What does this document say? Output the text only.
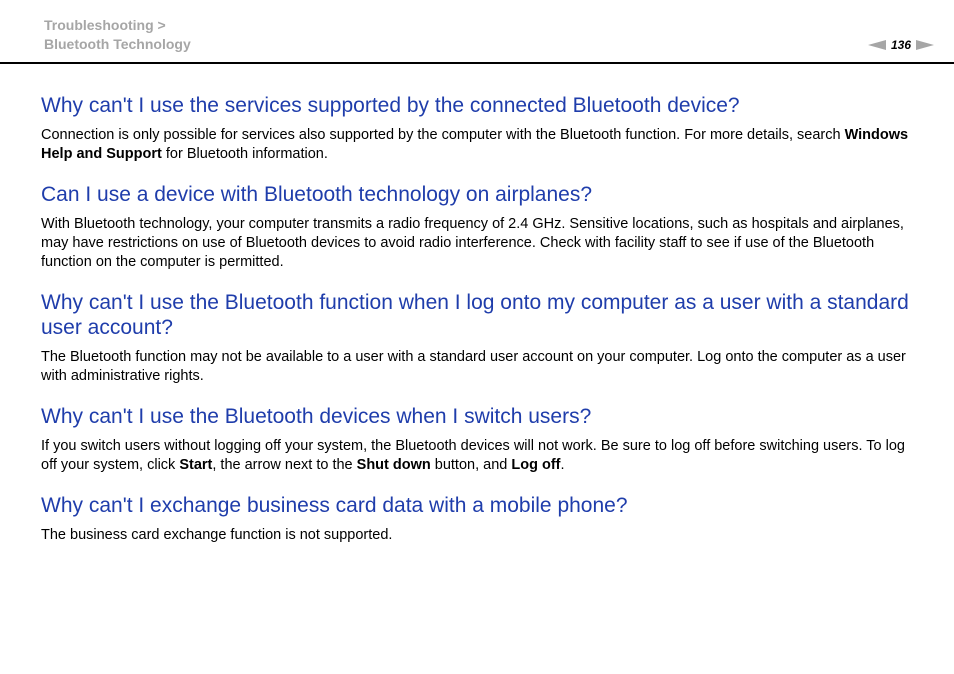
Troubleshooting >
Bluetooth Technology	136
Why can't I use the services supported by the connected Bluetooth device?

Connection is only possible for services also supported by the computer with the Bluetooth function. For more details, search Windows Help and Support for Bluetooth information.

Can I use a device with Bluetooth technology on airplanes?

With Bluetooth technology, your computer transmits a radio frequency of 2.4 GHz. Sensitive locations, such as hospitals and airplanes, may have restrictions on use of Bluetooth devices to avoid radio interference. Check with facility staff to see if use of the Bluetooth function on the computer is permitted.

Why can't I use the Bluetooth function when I log onto my computer as a user with a standard user account?

The Bluetooth function may not be available to a user with a standard user account on your computer. Log onto the computer as a user with administrative rights.

Why can't I use the Bluetooth devices when I switch users?

If you switch users without logging off your system, the Bluetooth devices will not work. Be sure to log off before switching users. To log off your system, click Start, the arrow next to the Shut down button, and Log off.

Why can't I exchange business card data with a mobile phone?

The business card exchange function is not supported.
